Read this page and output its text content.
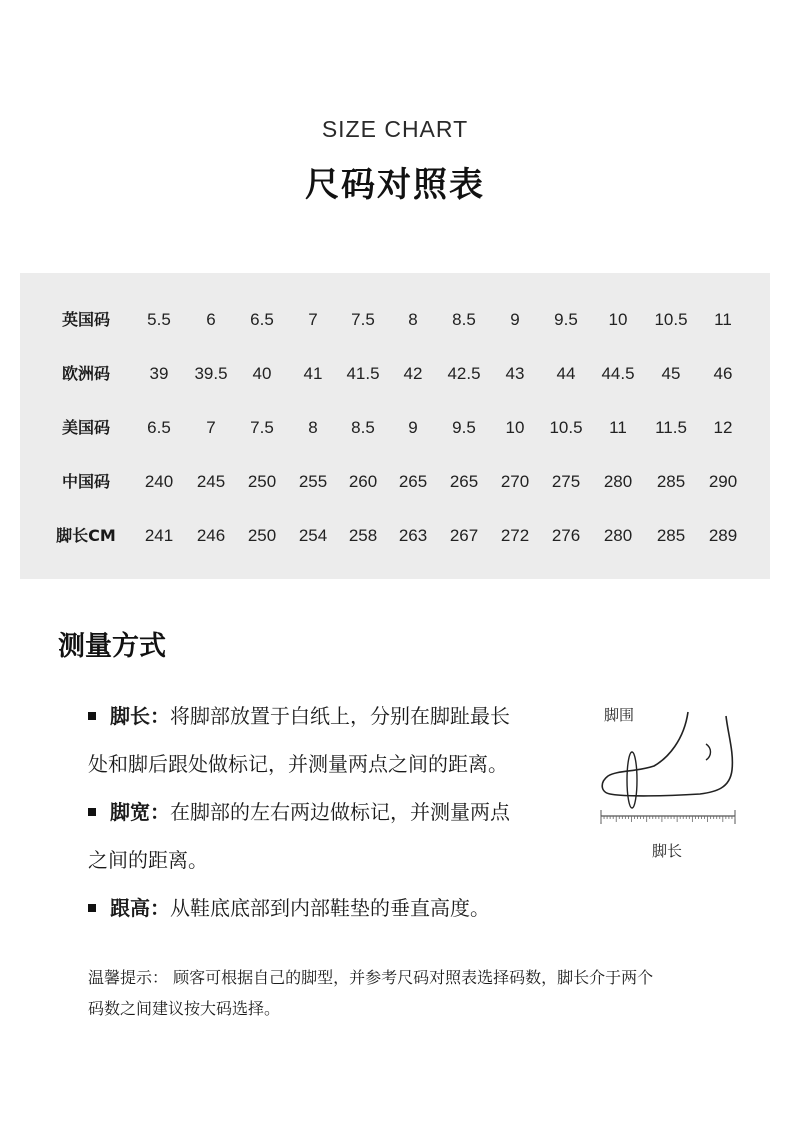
SIZE CHART
尺码对照表
英国码	5.5	6	6.5	7	7.5	8	8.5	9	9.5	10	10.5	11
欧洲码	39	39.5	40	41	41.5	42	42.5	43	44	44.5	45	46
美国码	6.5	7	7.5	8	8.5	9	9.5	10	10.5	11	11.5	12
中国码	240	245	250	255	260	265	265	270	275	280	285	290
脚长CM	241	246	250	254	258	263	267	272	276	280	285	289
测量方式
脚长：将脚部放置于白纸上，分别在脚趾最长
处和脚后跟处做标记，并测量两点之间的距离。
脚宽：在脚部的左右两边做标记，并测量两点
之间的距离。
跟高：从鞋底底部到内部鞋垫的垂直高度。
脚围
脚长
温馨提示： 顾客可根据自己的脚型，并参考尺码对照表选择码数，脚长介于两个
码数之间建议按大码选择。
